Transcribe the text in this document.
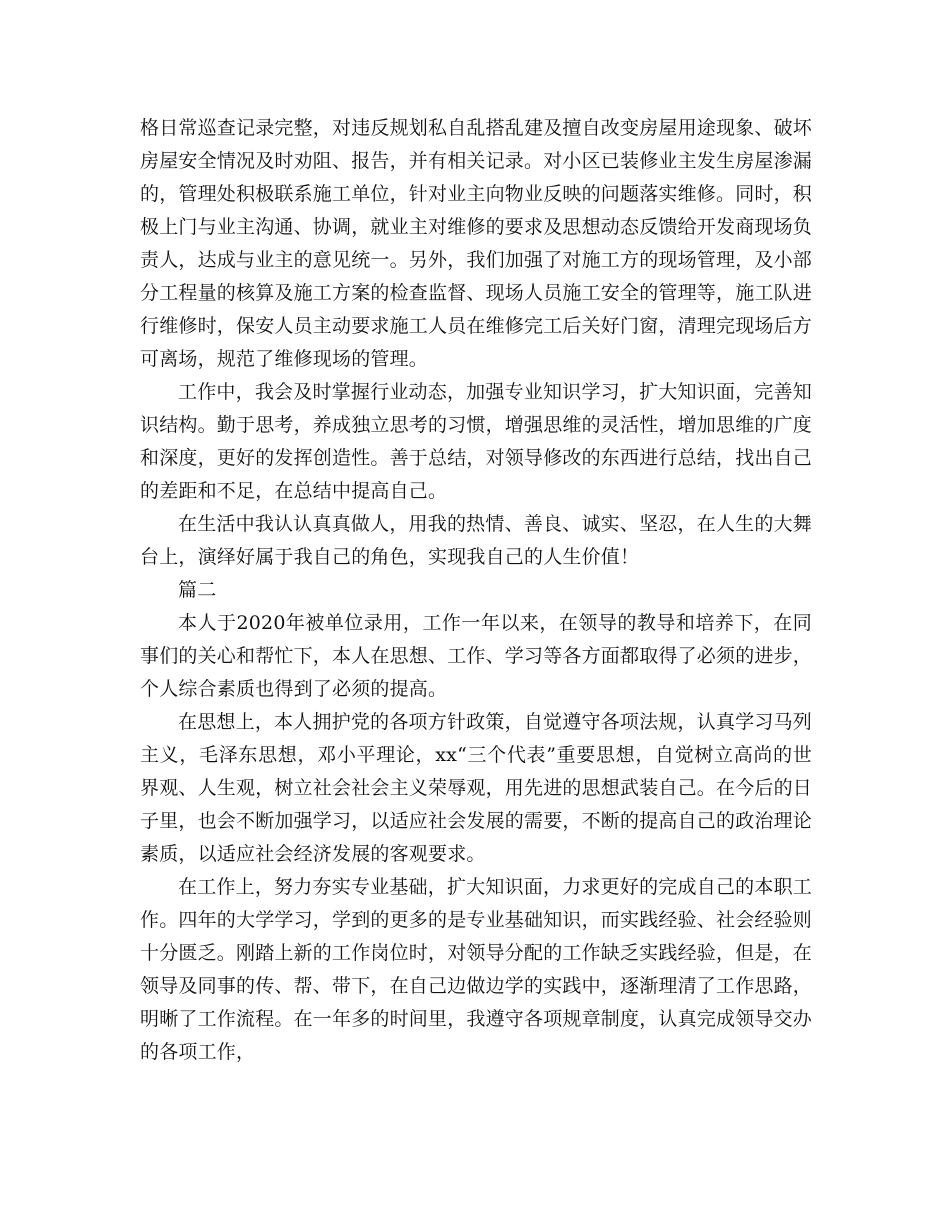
格日常巡查记录完整，对违反规划私自乱搭乱建及擅自改变房屋用途现象、破坏房屋安全情况及时劝阻、报告，并有相关记录。对小区已装修业主发生房屋渗漏的，管理处积极联系施工单位，针对业主向物业反映的问题落实维修。同时，积极上门与业主沟通、协调，就业主对维修的要求及思想动态反馈给开发商现场负责人，达成与业主的意见统一。另外，我们加强了对施工方的现场管理，及小部分工程量的核算及施工方案的检查监督、现场人员施工安全的管理等，施工队进行维修时，保安人员主动要求施工人员在维修完工后关好门窗，清理完现场后方可离场，规范了维修现场的管理。

工作中，我会及时掌握行业动态，加强专业知识学习，扩大知识面，完善知识结构。勤于思考，养成独立思考的习惯，增强思维的灵活性，增加思维的广度和深度，更好的发挥创造性。善于总结，对领导修改的东西进行总结，找出自己的差距和不足，在总结中提高自己。

在生活中我认认真真做人，用我的热情、善良、诚实、坚忍，在人生的大舞台上，演绎好属于我自己的角色，实现我自己的人生价值！

篇二

本人于2020年被单位录用，工作一年以来，在领导的教导和培养下，在同事们的关心和帮忙下，本人在思想、工作、学习等各方面都取得了必须的进步，个人综合素质也得到了必须的提高。

在思想上，本人拥护党的各项方针政策，自觉遵守各项法规，认真学习马列主义，毛泽东思想，邓小平理论，xx“三个代表”重要思想，自觉树立高尚的世界观、人生观，树立社会社会主义荣辱观，用先进的思想武装自己。在今后的日子里，也会不断加强学习，以适应社会发展的需要，不断的提高自己的政治理论素质，以适应社会经济发展的客观要求。

在工作上，努力夯实专业基础，扩大知识面，力求更好的完成自己的本职工作。四年的大学学习，学到的更多的是专业基础知识，而实践经验、社会经验则十分匮乏。刚踏上新的工作岗位时，对领导分配的工作缺乏实践经验，但是，在领导及同事的传、帮、带下，在自己边做边学的实践中，逐渐理清了工作思路，明晰了工作流程。在一年多的时间里，我遵守各项规章制度，认真完成领导交办的各项工作，
